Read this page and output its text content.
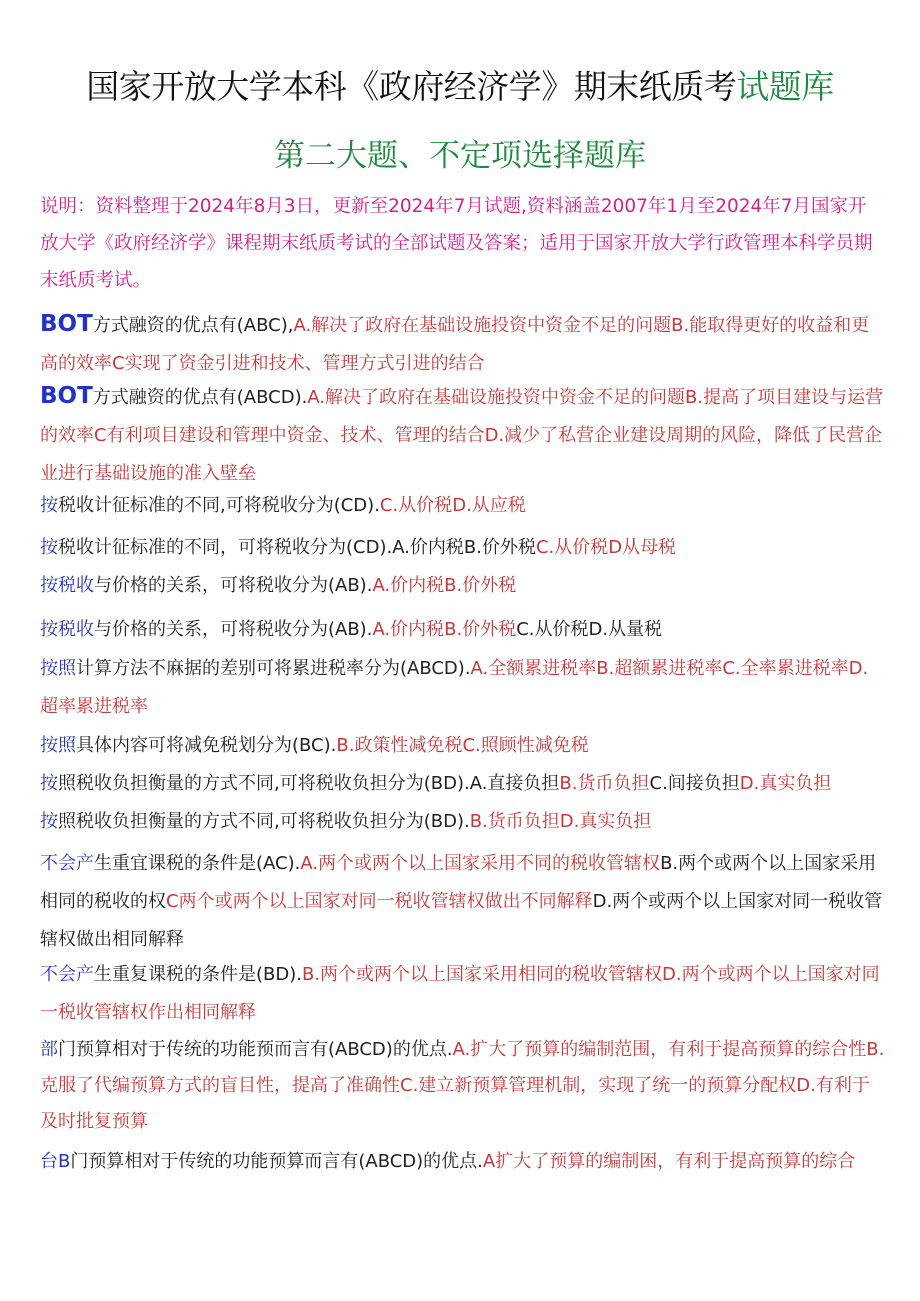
国家开放大学本科《政府经济学》期末纸质考试题库
第二大题、不定项选择题库
说明：资料整理于2024年8月3日，更新至2024年7月试题,资料涵盖2007年1月至2024年7月国家开放大学《政府经济学》课程期末纸质考试的全部试题及答案；适用于国家开放大学行政管理本科学员期末纸质考试。
BOT方式融资的优点有(ABC),A.解决了政府在基础设施投资中资金不足的问题B.能取得更好的收益和更高的效率C实现了资金引进和技术、管理方式引进的结合
BOT方式融资的优点有(ABCD).A.解决了政府在基础设施投资中资金不足的问题B.提高了项目建设与运营的效率C有利项目建设和管理中资金、技术、管理的结合D.减少了私营企业建设周期的风险，降低了民营企业进行基础设施的准入壁垒
按税收计征标准的不同,可将税收分为(CD).C.从价税D.从应税
按税收计征标准的不同，可将税收分为(CD).A.价内税B.价外税C.从价税D从母税
按税收与价格的关系，可将税收分为(AB).A.价内税B.价外税
按税收与价格的关系，可将税收分为(AB).A.价内税B.价外税C.从价税D.从量税
按照计算方法不麻据的差别可将累进税率分为(ABCD).A.全额累进税率B.超额累进税率C.全率累进税率D.超率累进税率
按照具体内容可将减免税划分为(BC).B.政策性减免税C.照顾性减免税
按照税收负担衡量的方式不同,可将税收负担分为(BD).A.直接负担B.货币负担C.间接负担D.真实负担
按照税收负担衡量的方式不同,可将税收负担分为(BD).B.货币负担D.真实负担
不会产生重宜课税的条件是(AC).A.两个或两个以上国家采用不同的税收管辖权B.两个或两个以上国家采用相同的税收的权C两个或两个以上国家对同一税收管辖权做出不同解释D.两个或两个以上国家对同一税收管辖权做出相同解释
不会产生重复课税的条件是(BD).B.两个或两个以上国家采用相同的税收管辖权D.两个或两个以上国家对同一税收管辖权作出相同解释
部门预算相对于传统的功能预而言有(ABCD)的优点.A.扩大了预算的编制范围，有利于提高预算的综合性B.克服了代编预算方式的盲目性，提高了准确性C.建立新预算管理机制，实现了统一的预算分配权D.有利于及时批复预算
台B门预算相对于传统的功能预算而言有(ABCD)的优点.A扩大了预算的编制困，有利于提高预算的综合
